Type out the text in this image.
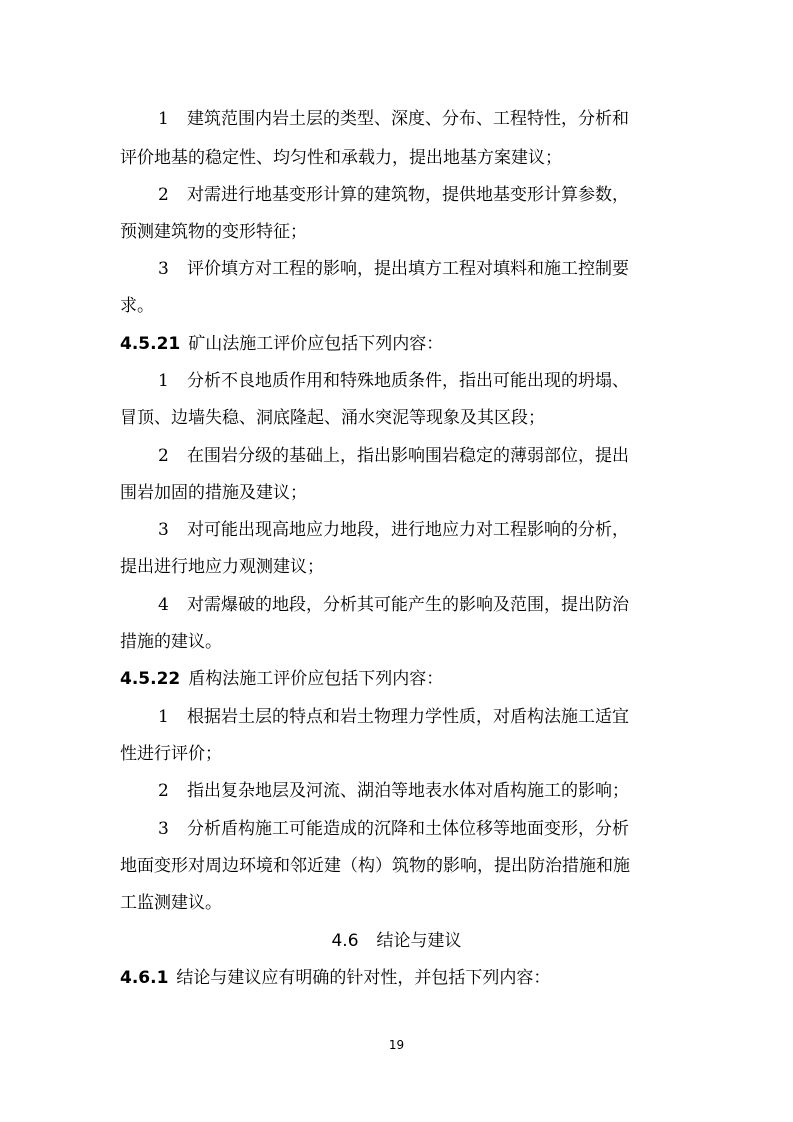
1 建筑范围内岩土层的类型、深度、分布、工程特性，分析和
评价地基的稳定性、均匀性和承载力，提出地基方案建议；
2 对需进行地基变形计算的建筑物，提供地基变形计算参数，
预测建筑物的变形特征；
3 评价填方对工程的影响，提出填方工程对填料和施工控制要
求。
4.5.21 矿山法施工评价应包括下列内容：
1 分析不良地质作用和特殊地质条件，指出可能出现的坍塌、
冒顶、边墙失稳、洞底隆起、涌水突泥等现象及其区段；
2 在围岩分级的基础上，指出影响围岩稳定的薄弱部位，提出
围岩加固的措施及建议；
3 对可能出现高地应力地段，进行地应力对工程影响的分析，
提出进行地应力观测建议；
4 对需爆破的地段，分析其可能产生的影响及范围，提出防治
措施的建议。
4.5.22 盾构法施工评价应包括下列内容：
1 根据岩土层的特点和岩土物理力学性质，对盾构法施工适宜
性进行评价；
2 指出复杂地层及河流、湖泊等地表水体对盾构施工的影响；
3 分析盾构施工可能造成的沉降和土体位移等地面变形，分析
地面变形对周边环境和邻近建（构）筑物的影响，提出防治措施和施
工监测建议。
4.6 结论与建议
4.6.1 结论与建议应有明确的针对性，并包括下列内容：
19
